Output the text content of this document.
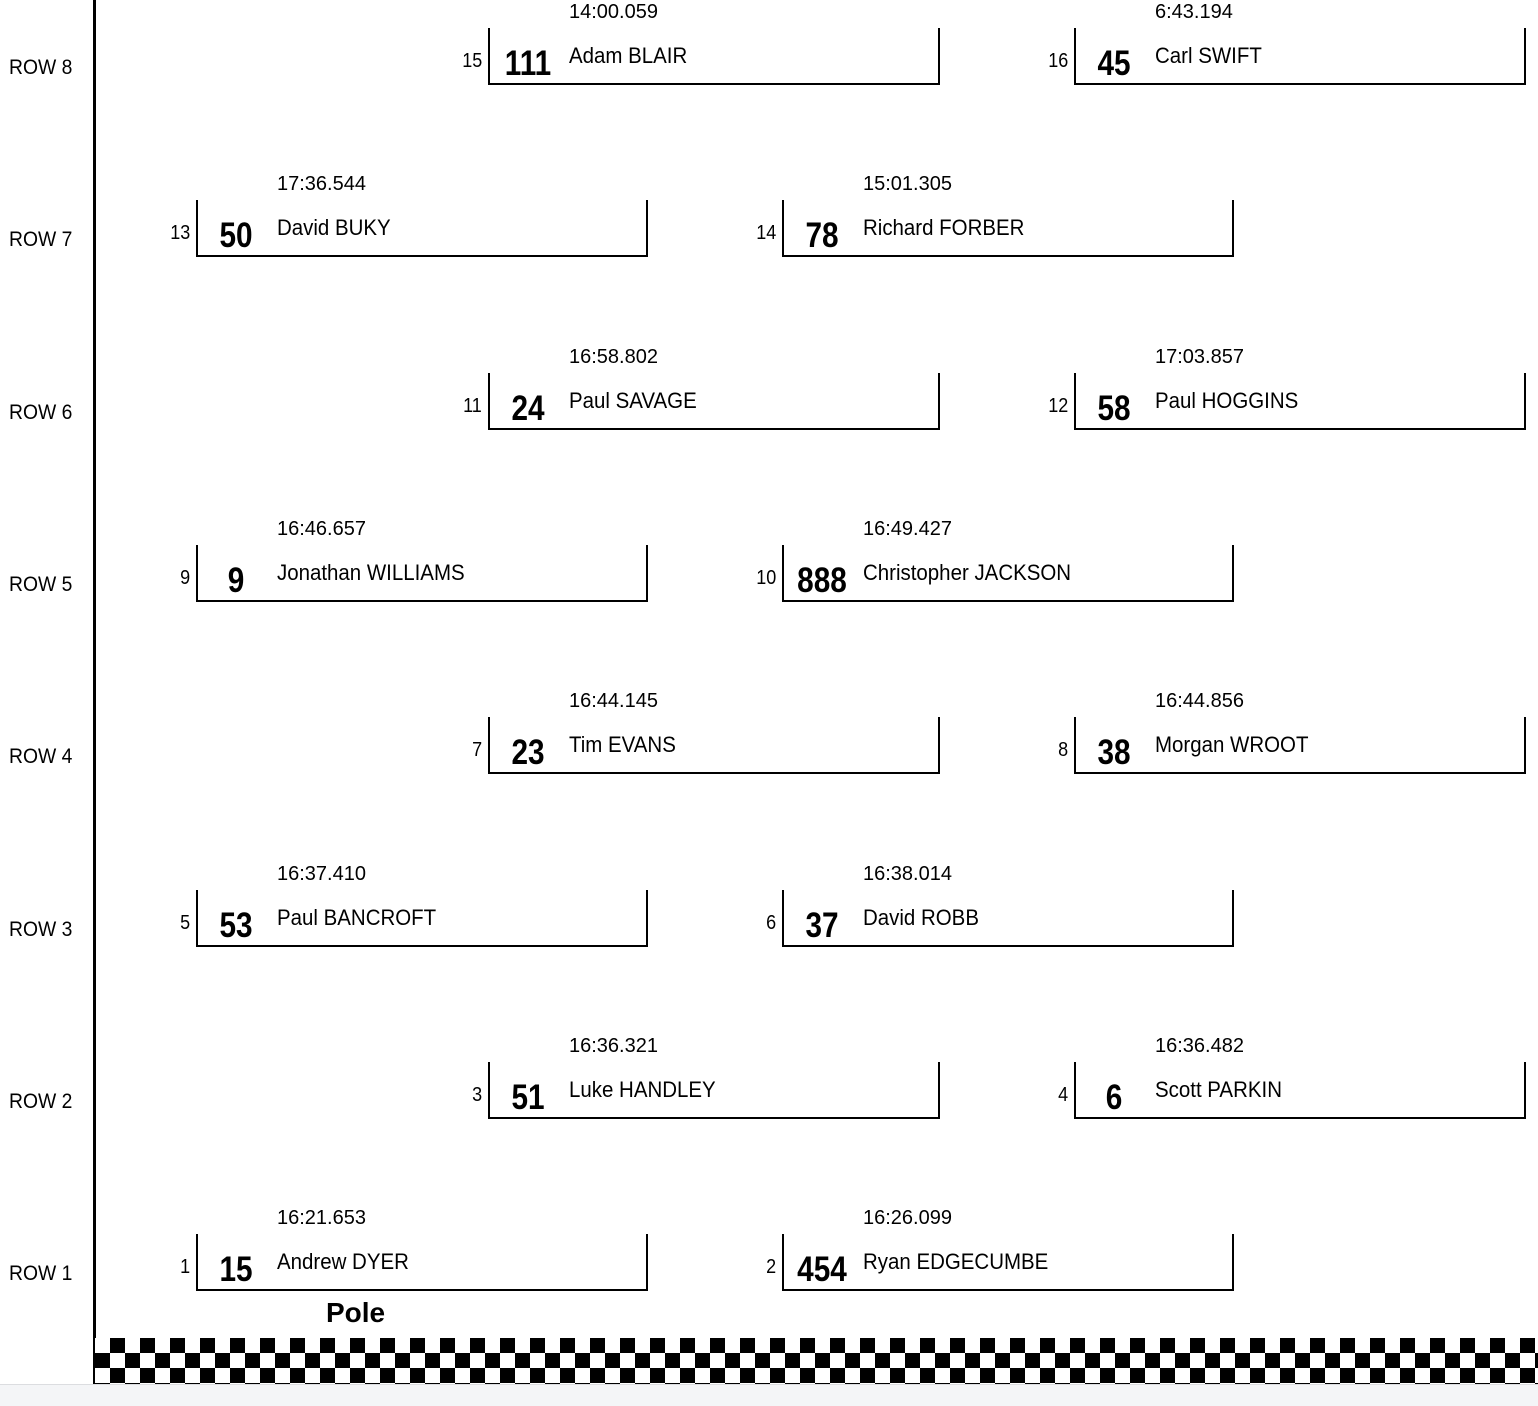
Pole
ROW 8
14:00.059
15 111 Adam BLAIR
6:43.194
16 45	Carl SWIFT
ROW 7
17:36.544
13 50	David BUKY
15:01.305
14 78	Richard FORBER
ROW 6
16:58.802
11 24	Paul SAVAGE
17:03.857
12 58	Paul HOGGINS
ROW 5
16:46.657
9	9	Jonathan WILLIAMS
16:49.427
10 888 Christopher JACKSON
ROW 4
16:44.145
7 23	Tim EVANS
16:44.856
8 38	Morgan WROOT
ROW 3
16:37.410
5 53	Paul BANCROFT
16:38.014
6 37	David ROBB
ROW 2
16:36.321
3 51	Luke HANDLEY
16:36.482
4	6	Scott PARKIN
ROW 1
16:21.653
1 15	Andrew DYER
16:26.099
2 454 Ryan EDGECUMBE
